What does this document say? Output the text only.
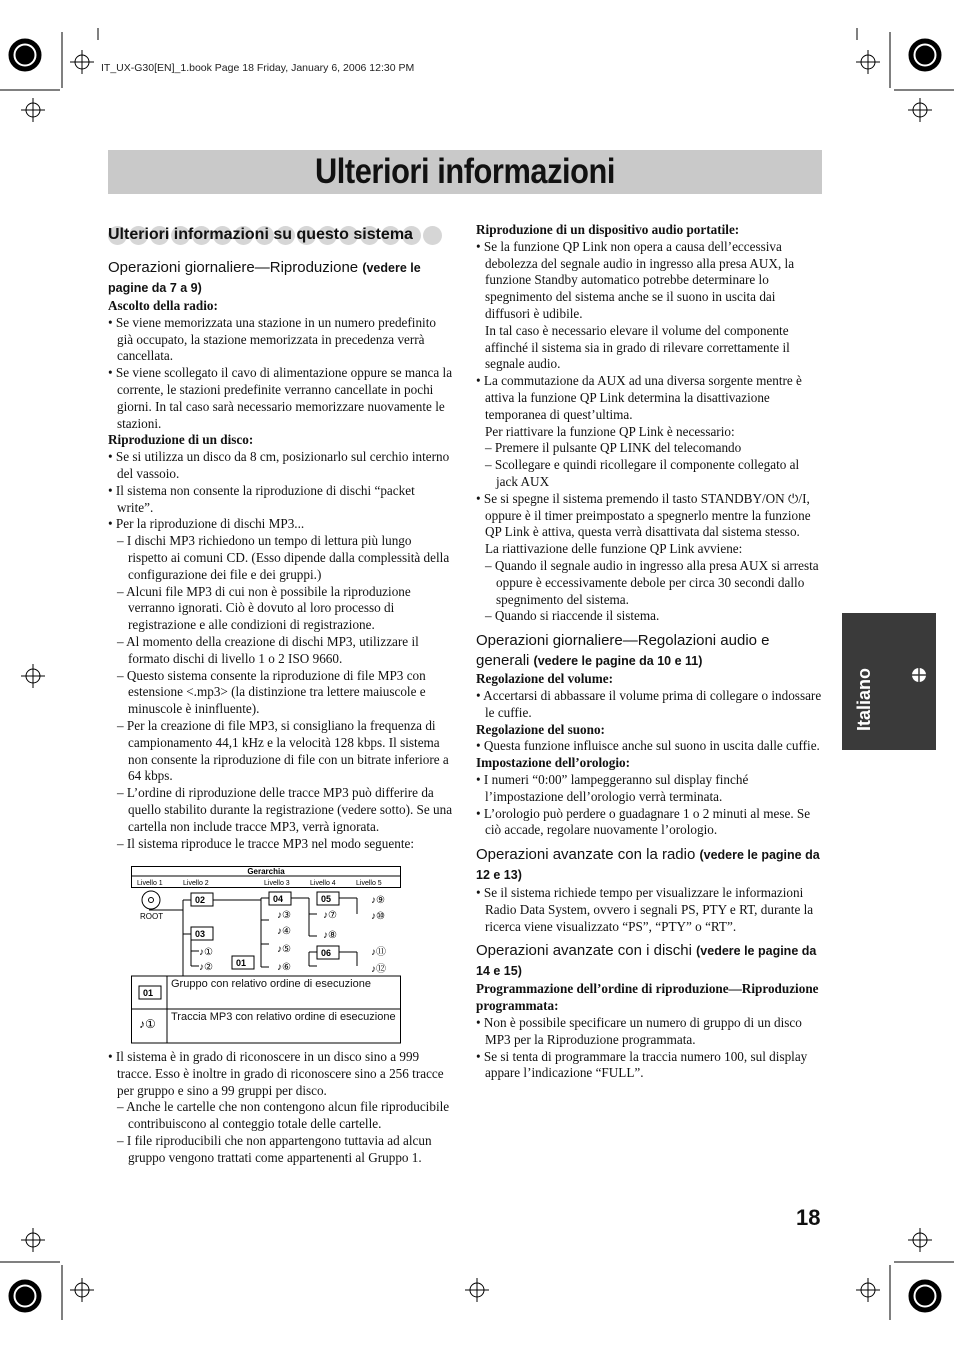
IT_UX-G30[EN]_1.book Page 18 Friday, January 6, 2006 12:30 PM
Ulteriori informazioni
Ulteriori informazioni su questo sistema
Operazioni giornaliere—Riproduzione (vedere le pagine da 7 a 9)

Ascolto della radio:

• Se viene memorizzata una stazione in un numero predefinito già occupato, la stazione memorizzata in precedenza verrà cancellata.

• Se viene scollegato il cavo di alimentazione oppure se manca la corrente, le stazioni predefinite verranno cancellate in pochi giorni. In tal caso sarà necessario memorizzare nuovamente le stazioni.

Riproduzione di un disco:

• Se si utilizza un disco da 8 cm, posizionarlo sul cerchio interno del vassoio.

• Il sistema non consente la riproduzione di dischi “packet write”.

• Per la riproduzione di dischi MP3...

– I dischi MP3 richiedono un tempo di lettura più lungo rispetto ai comuni CD. (Esso dipende dalla complessità della configurazione dei file e dei gruppi.)

– Alcuni file MP3 di cui non è possibile la riproduzione verranno ignorati. Ciò è dovuto al loro processo di registrazione e alle condizioni di registrazione.

– Al momento della creazione di dischi MP3, utilizzare il formato dischi di livello 1 o 2 ISO 9660.

– Questo sistema consente la riproduzione di file MP3 con estensione <.mp3> (la distinzione tra lettere maiuscole e minuscole è ininfluente).

– Per la creazione di file MP3, si consigliano la frequenza di campionamento 44,1 kHz e la velocità 128 kbps. Il sistema non consente la riproduzione di file con un bitrate inferiore a 64 kbps.

– L’ordine di riproduzione delle tracce MP3 può differire da quello stabilito durante la registrazione (vedere sotto). Se una cartella non include tracce MP3, verrà ignorata.

– Il sistema riproduce le tracce MP3 nel modo seguente:

Gerarchia
Livello 1	Livello 2	Livello 3	Livello 4	Livello 5
ROOT
02
03
04	05
06
01
♪①
♪②
♪③
♪④
♪⑤
♪⑥
♪⑦
♪⑧
♪⑨
♪⑩
♪⑪
♪⑫
01
Gruppo con relativo ordine di esecuzione
♪① Traccia MP3 con relativo ordine di esecuzione

• Il sistema è in grado di riconoscere in un disco sino a 999 tracce. Esso è inoltre in grado di riconoscere sino a 256 tracce per gruppo e sino a 99 gruppi per disco.

– Anche le cartelle che non contengono alcun file riproducibile contribuiscono al conteggio totale delle cartelle.

– I file riproducibili che non appartengono tuttavia ad alcun gruppo vengono trattati come appartenenti al Gruppo 1.

Riproduzione di un dispositivo audio portatile:

• Se la funzione QP Link non opera a causa dell’eccessiva debolezza del segnale audio in ingresso alla presa AUX, la funzione Standby automatico potrebbe determinare lo spegnimento del sistema anche se il suono in uscita dai diffusori è udibile.

In tal caso è necessario elevare il volume del componente affinché il sistema sia in grado di rilevare correttamente il segnale audio.

• La commutazione da AUX ad una diversa sorgente mentre è attiva la funzione QP Link determina la disattivazione temporanea di quest’ultima.

Per riattivare la funzione QP Link è necessario:

– Premere il pulsante QP LINK del telecomando

– Scollegare e quindi ricollegare il componente collegato al jack AUX

• Se si spegne il sistema premendo il tasto STANDBY/ON ⏻/I, oppure è il timer preimpostato a spegnerlo mentre la funzione QP Link è attiva, questa verrà disattivata dal sistema stesso.

La riattivazione delle funzione QP Link avviene:

– Quando il segnale audio in ingresso alla presa AUX si arresta oppure è eccessivamente debole per circa 30 secondi dallo spegnimento del sistema.

– Quando si riaccende il sistema.

Operazioni giornaliere—Regolazioni audio e generali (vedere le pagine da 10 e 11)

Regolazione del volume:

• Accertarsi di abbassare il volume prima di collegare o indossare le cuffie.

Regolazione del suono:

• Questa funzione influisce anche sul suono in uscita dalle cuffie.

Impostazione dell’orologio:

• I numeri “0:00” lampeggeranno sul display finché l’impostazione dell’orologio verrà terminata.

• L’orologio può perdere o guadagnare 1 o 2 minuti al mese. Se ciò accade, regolare nuovamente l’orologio.

Operazioni avanzate con la radio (vedere le pagine da 12 e 13)

• Se il sistema richiede tempo per visualizzare le informazioni Radio Data System, ovvero i segnali PS, PTY e RT, durante la ricerca viene visualizzato “PS”, “PTY” o “RT”.

Operazioni avanzate con i dischi (vedere le pagine da 14 e 15)

Programmazione dell’ordine di riproduzione—Riproduzione programmata:

• Non è possibile specificare un numero di gruppo di un disco MP3 per la Riproduzione programmata.

• Se si tenta di programmare la traccia numero 100, sul display appare l’indicazione “FULL”.

Italiano
18
